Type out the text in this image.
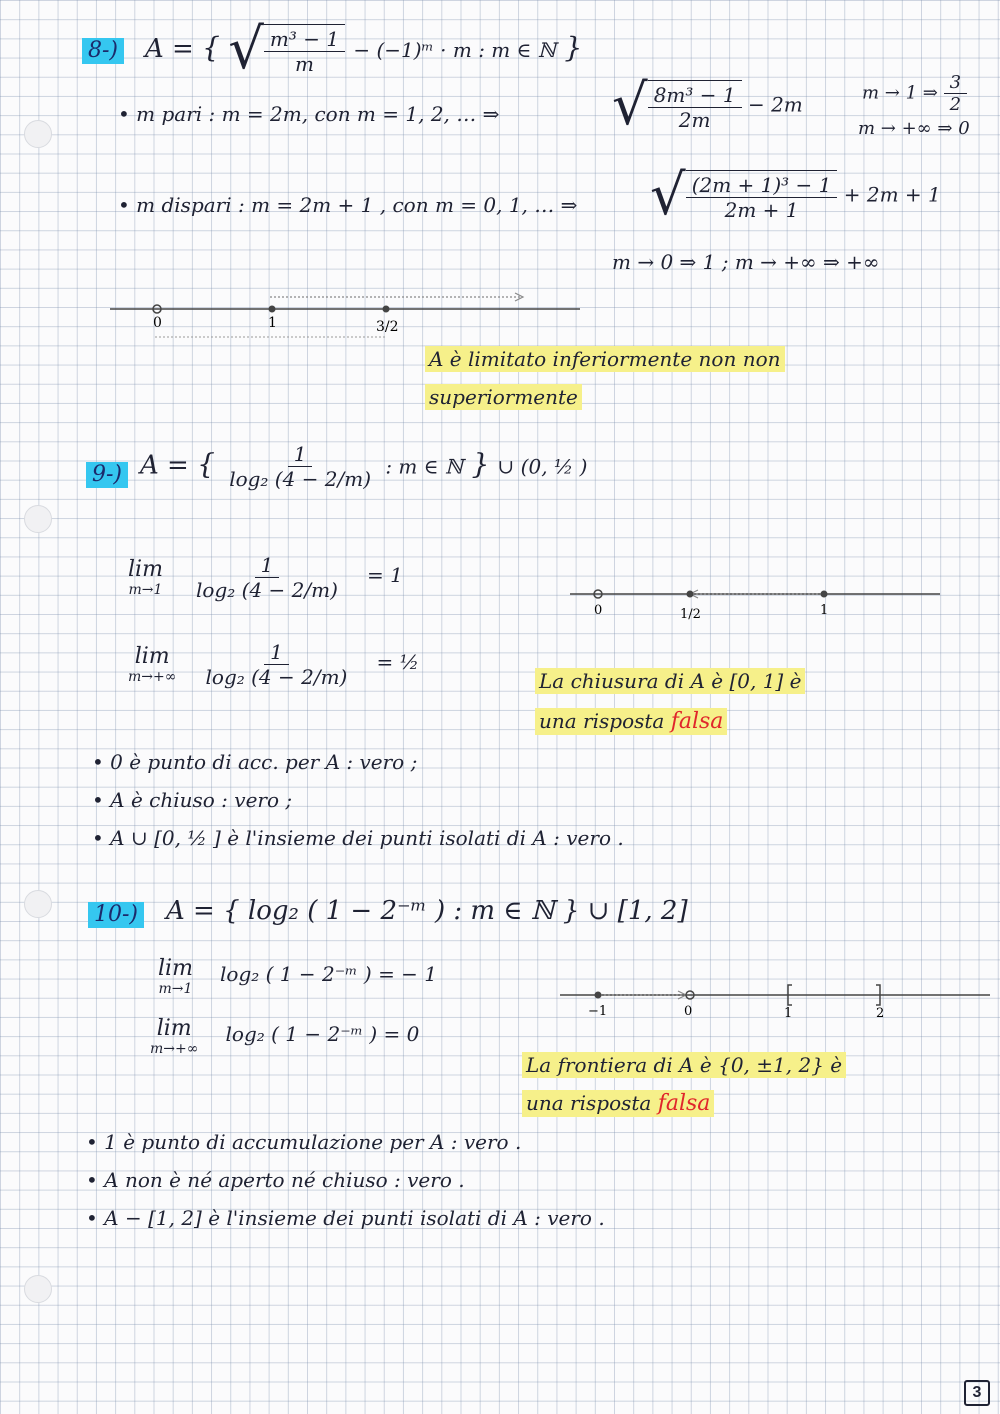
8-) A = { √ $\frac{\text{m³ − 1}}{m}$ − (−1)ᵐ · m : m ∈ ℕ }
• m pari : m = 2m, con m = 1, 2, … ⇒ √ $\frac{\text{8m³ − 1}}{2m} - 2m$	m → 1 ⇒ $\frac{3}{2}$
m → +∞ ⇒ 0
• m dispari : m = 2m + 1 , con m = 0, 1, … ⇒ √ $\frac{\text{(2m + 1)³ − 1}}{2m + 1} + 2m + 1$
m → 0 ⇒ 1 ; m → +∞ ⇒ +∞
0	1	3/2
A è limitato inferiormente non non
superiormente
9-) A = { $\frac{1}{\text{log₂ (4 − 2/m)}}$ : m ∈ ℕ } ∪ (0, ½ )
lim
m→1
$\frac{1}{\text{log₂ (4 − 2/m)}} = 1$
lim
m→+∞
$\frac{1}{\text{log₂ (4 − 2/m)}}$ = ½
0	1/2	1
La chiusura di A è [0, 1] è
una risposta falsa
• 0 è punto di acc. per A : vero ;
• A è chiuso : vero ;
• A ∪ [0, ½ ] è l'insieme dei punti isolati di A : vero .
10-) A = { log₂ ( 1 − 2⁻ᵐ ) : m ∈ ℕ } ∪ [1, 2]
lim
m→1
log₂ ( 1 − 2⁻ᵐ ) = − 1
lim
m→+∞
log₂ ( 1 − 2⁻ᵐ ) = 0
−1	0	1	2
La frontiera di A è {0, ±1, 2} è
una risposta falsa
• 1 è punto di accumulazione per A : vero .
• A non è né aperto né chiuso : vero .
• A − [1, 2] è l'insieme dei punti isolati di A : vero .
3
